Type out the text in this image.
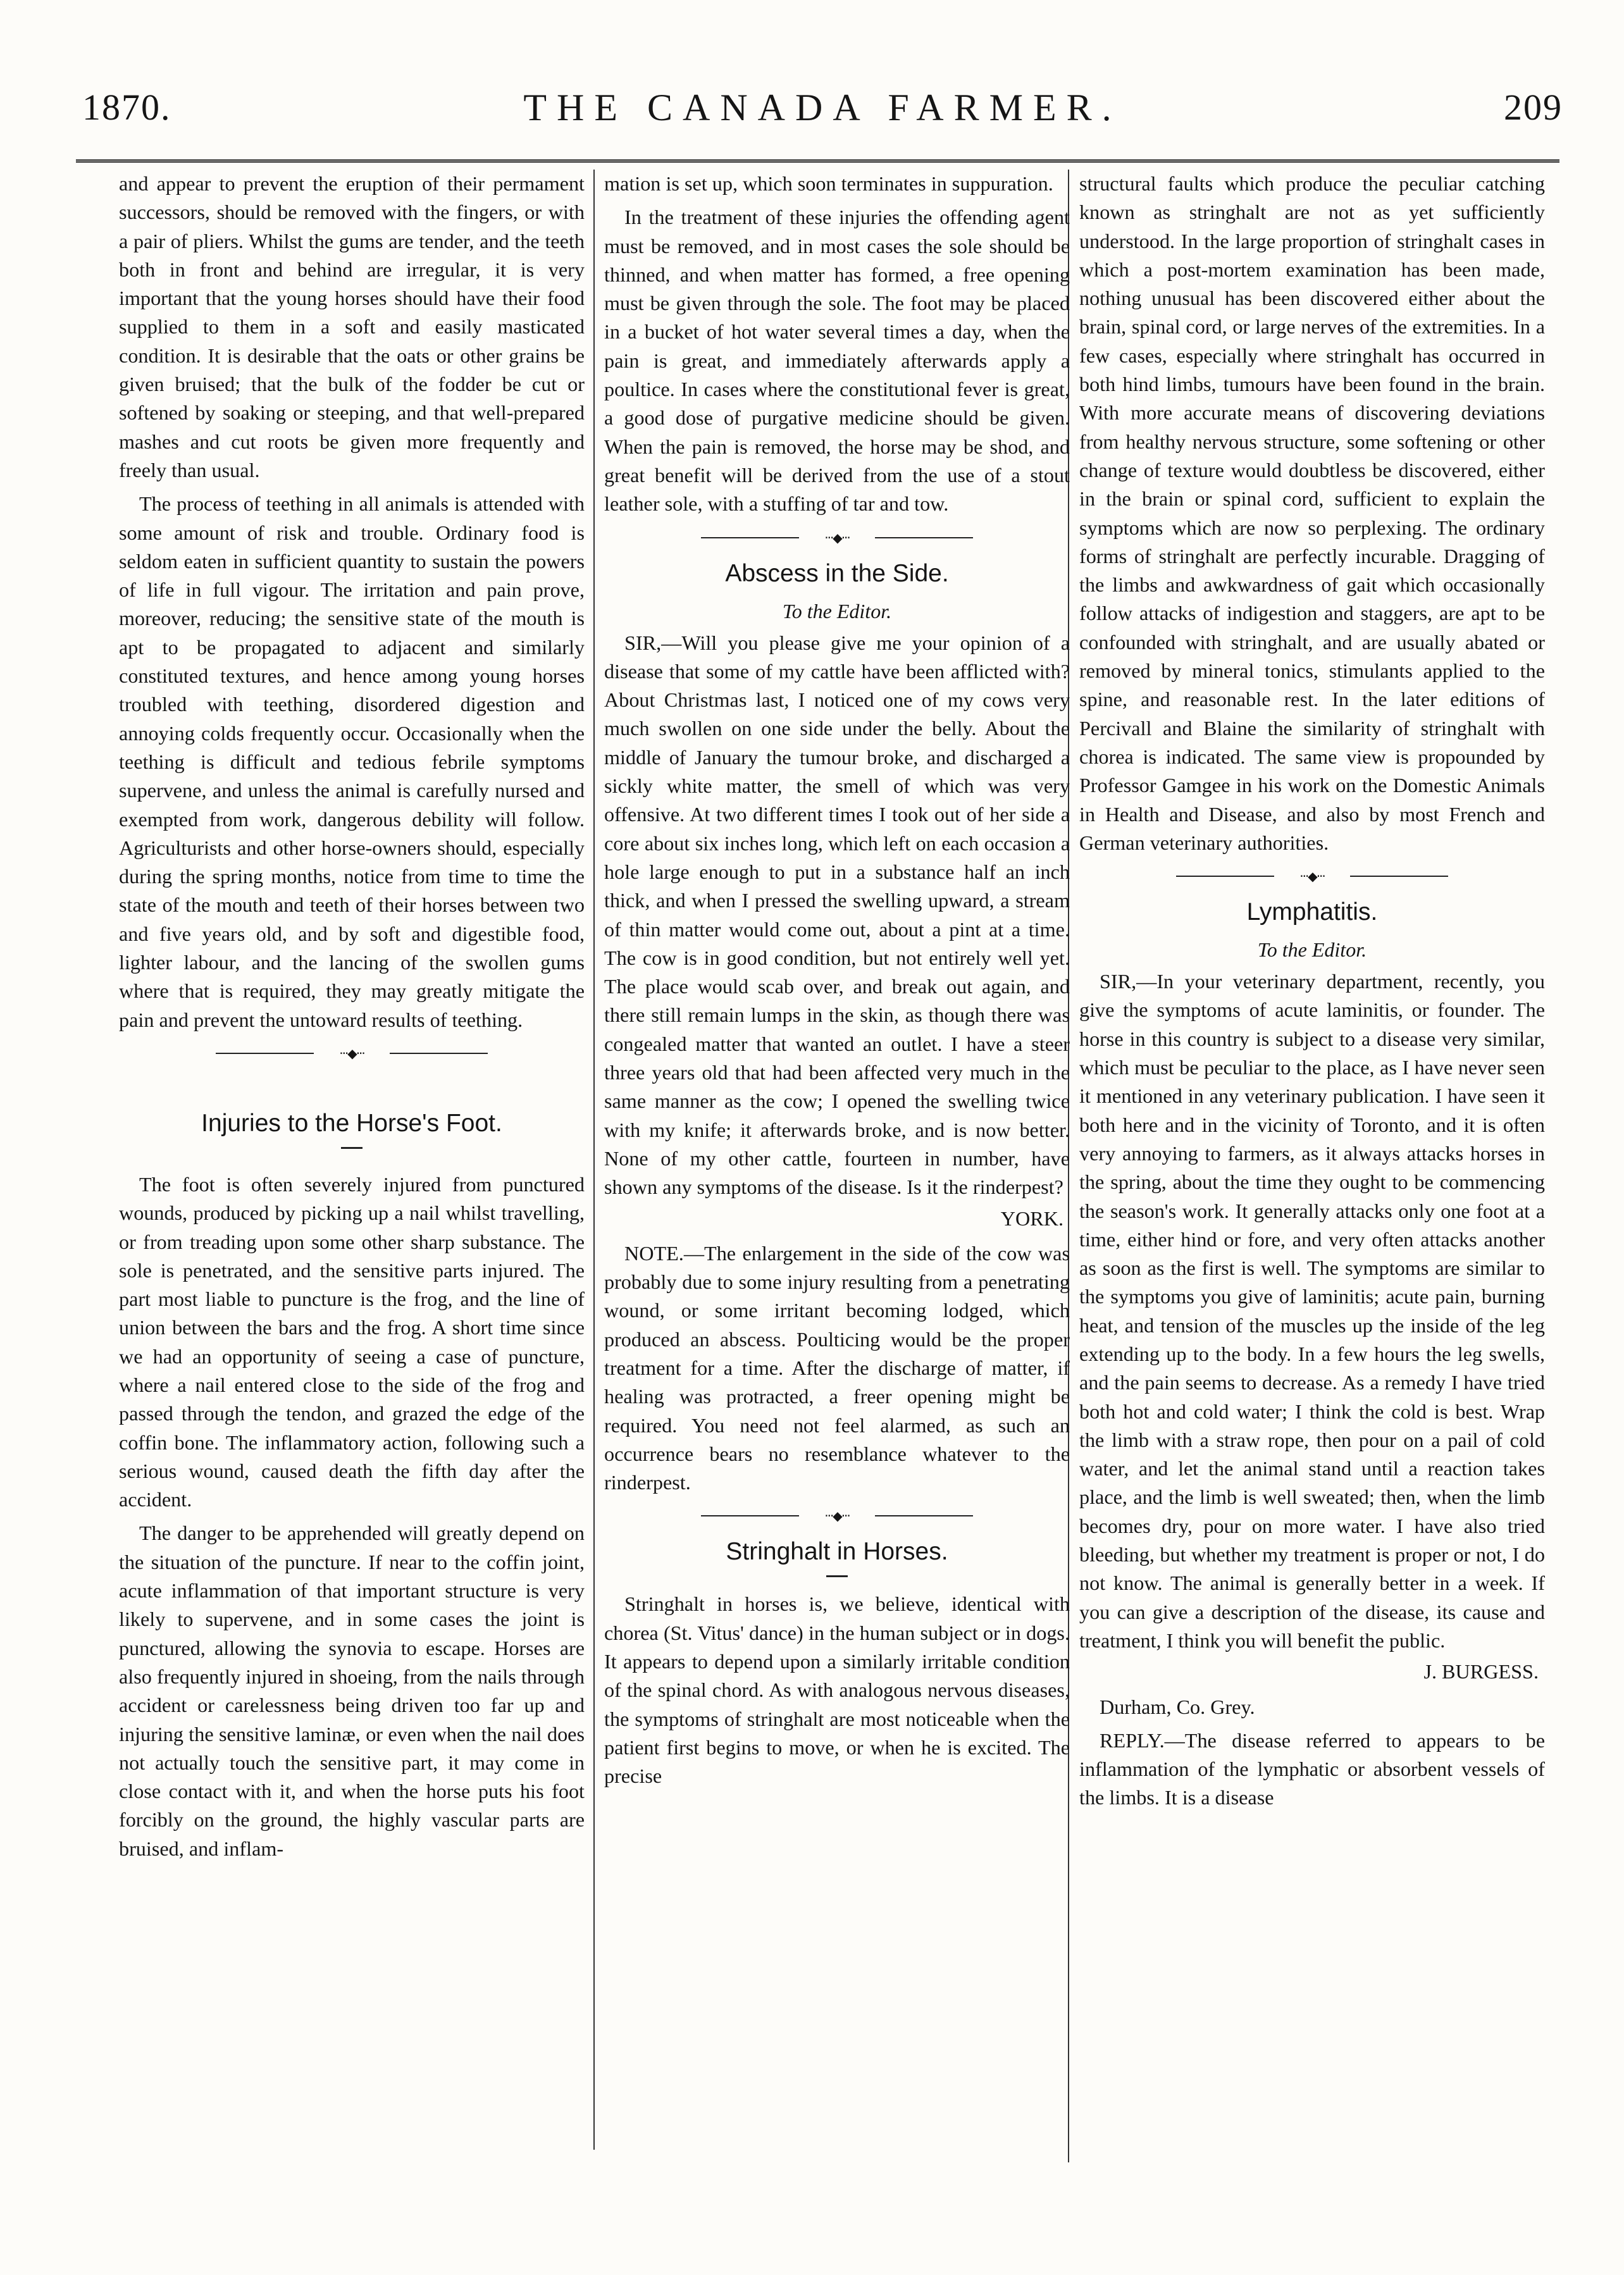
THE CANADA FARMER.
1870.	209

and appear to prevent the eruption of their permament successors, should be removed with the fingers, or with a pair of pliers. Whilst the gums are tender, and the teeth both in front and behind are irregular, it is very important that the young horses should have their food supplied to them in a soft and easily masticated condition. It is desirable that the oats or other grains be given bruised; that the bulk of the fodder be cut or softened by soaking or steeping, and that well-prepared mashes and cut roots be given more frequently and freely than usual.

The process of teething in all animals is attended with some amount of risk and trouble. Ordinary food is seldom eaten in sufficient quantity to sustain the powers of life in full vigour. The irritation and pain prove, moreover, reducing; the sensitive state of the mouth is apt to be propagated to adjacent and similarly constituted textures, and hence among young horses troubled with teething, disordered digestion and annoying colds frequently occur. Occasionally when the teething is difficult and tedious febrile symptoms supervene, and unless the animal is carefully nursed and exempted from work, dangerous debility will follow. Agriculturists and other horse-owners should, especially during the spring months, notice from time to time the state of the mouth and teeth of their horses between two and five years old, and by soft and digestible food, lighter labour, and the lancing of the swollen gums where that is required, they may greatly mitigate the pain and prevent the untoward results of teething.

···◆···
Injuries to the Horse's Foot.

The foot is often severely injured from punctured wounds, produced by picking up a nail whilst travelling, or from treading upon some other sharp substance. The sole is penetrated, and the sensitive parts injured. The part most liable to puncture is the frog, and the line of union between the bars and the frog. A short time since we had an opportunity of seeing a case of puncture, where a nail entered close to the side of the frog and passed through the tendon, and grazed the edge of the coffin bone. The inflammatory action, following such a serious wound, caused death the fifth day after the accident.

The danger to be apprehended will greatly depend on the situation of the puncture. If near to the coffin joint, acute inflammation of that important structure is very likely to supervene, and in some cases the joint is punctured, allowing the synovia to escape. Horses are also frequently injured in shoeing, from the nails through accident or carelessness being driven too far up and injuring the sensitive laminæ, or even when the nail does not actually touch the sensitive part, it may come in close contact with it, and when the horse puts his foot forcibly on the ground, the highly vascular parts are bruised, and inflam-

mation is set up, which soon terminates in suppuration.

In the treatment of these injuries the offending agent must be removed, and in most cases the sole should be thinned, and when matter has formed, a free opening must be given through the sole. The foot may be placed in a bucket of hot water several times a day, when the pain is great, and immediately afterwards apply a poultice. In cases where the constitutional fever is great, a good dose of purgative medicine should be given. When the pain is removed, the horse may be shod, and great benefit will be derived from the use of a stout leather sole, with a stuffing of tar and tow.

···◆···
Abscess in the Side.
To the Editor.

SIR,—Will you please give me your opinion of a disease that some of my cattle have been afflicted with? About Christmas last, I noticed one of my cows very much swollen on one side under the belly. About the middle of January the tumour broke, and discharged a sickly white matter, the smell of which was very offensive. At two different times I took out of her side a core about six inches long, which left on each occasion a hole large enough to put in a substance half an inch thick, and when I pressed the swelling upward, a stream of thin matter would come out, about a pint at a time. The cow is in good condition, but not entirely well yet. The place would scab over, and break out again, and there still remain lumps in the skin, as though there was congealed matter that wanted an outlet. I have a steer three years old that had been affected very much in the same manner as the cow; I opened the swelling twice with my knife; it afterwards broke, and is now better. None of my other cattle, fourteen in number, have shown any symptoms of the disease. Is it the rinderpest?

YORK.

NOTE.—The enlargement in the side of the cow was probably due to some injury resulting from a penetrating wound, or some irritant becoming lodged, which produced an abscess. Poulticing would be the proper treatment for a time. After the discharge of matter, if healing was protracted, a freer opening might be required. You need not feel alarmed, as such an occurrence bears no resemblance whatever to the rinderpest.

···◆···
Stringhalt in Horses.

Stringhalt in horses is, we believe, identical with chorea (St. Vitus' dance) in the human subject or in dogs. It appears to depend upon a similarly irritable condition of the spinal chord. As with analogous nervous diseases, the symptoms of stringhalt are most noticeable when the patient first begins to move, or when he is excited. The precise

structural faults which produce the peculiar catching known as stringhalt are not as yet sufficiently understood. In the large proportion of stringhalt cases in which a post-mortem examination has been made, nothing unusual has been discovered either about the brain, spinal cord, or large nerves of the extremities. In a few cases, especially where stringhalt has occurred in both hind limbs, tumours have been found in the brain. With more accurate means of discovering deviations from healthy nervous structure, some softening or other change of texture would doubtless be discovered, either in the brain or spinal cord, sufficient to explain the symptoms which are now so perplexing. The ordinary forms of stringhalt are perfectly incurable. Dragging of the limbs and awkwardness of gait which occasionally follow attacks of indigestion and staggers, are apt to be confounded with stringhalt, and are usually abated or removed by mineral tonics, stimulants applied to the spine, and reasonable rest. In the later editions of Percivall and Blaine the similarity of stringhalt with chorea is indicated. The same view is propounded by Professor Gamgee in his work on the Domestic Animals in Health and Disease, and also by most French and German veterinary authorities.

···◆···
Lymphatitis.
To the Editor.

SIR,—In your veterinary department, recently, you give the symptoms of acute laminitis, or founder. The horse in this country is subject to a disease very similar, which must be peculiar to the place, as I have never seen it mentioned in any veterinary publication. I have seen it both here and in the vicinity of Toronto, and it is often very annoying to farmers, as it always attacks horses in the spring, about the time they ought to be commencing the season's work. It generally attacks only one foot at a time, either hind or fore, and very often attacks another as soon as the first is well. The symptoms are similar to the symptoms you give of laminitis; acute pain, burning heat, and tension of the muscles up the inside of the leg extending up to the body. In a few hours the leg swells, and the pain seems to decrease. As a remedy I have tried both hot and cold water; I think the cold is best. Wrap the limb with a straw rope, then pour on a pail of cold water, and let the animal stand until a reaction takes place, and the limb is well sweated; then, when the limb becomes dry, pour on more water. I have also tried bleeding, but whether my treatment is proper or not, I do not know. The animal is generally better in a week. If you can give a description of the disease, its cause and treatment, I think you will benefit the public.

J. BURGESS.

Durham, Co. Grey.

REPLY.—The disease referred to appears to be inflammation of the lymphatic or absorbent vessels of the limbs. It is a disease
